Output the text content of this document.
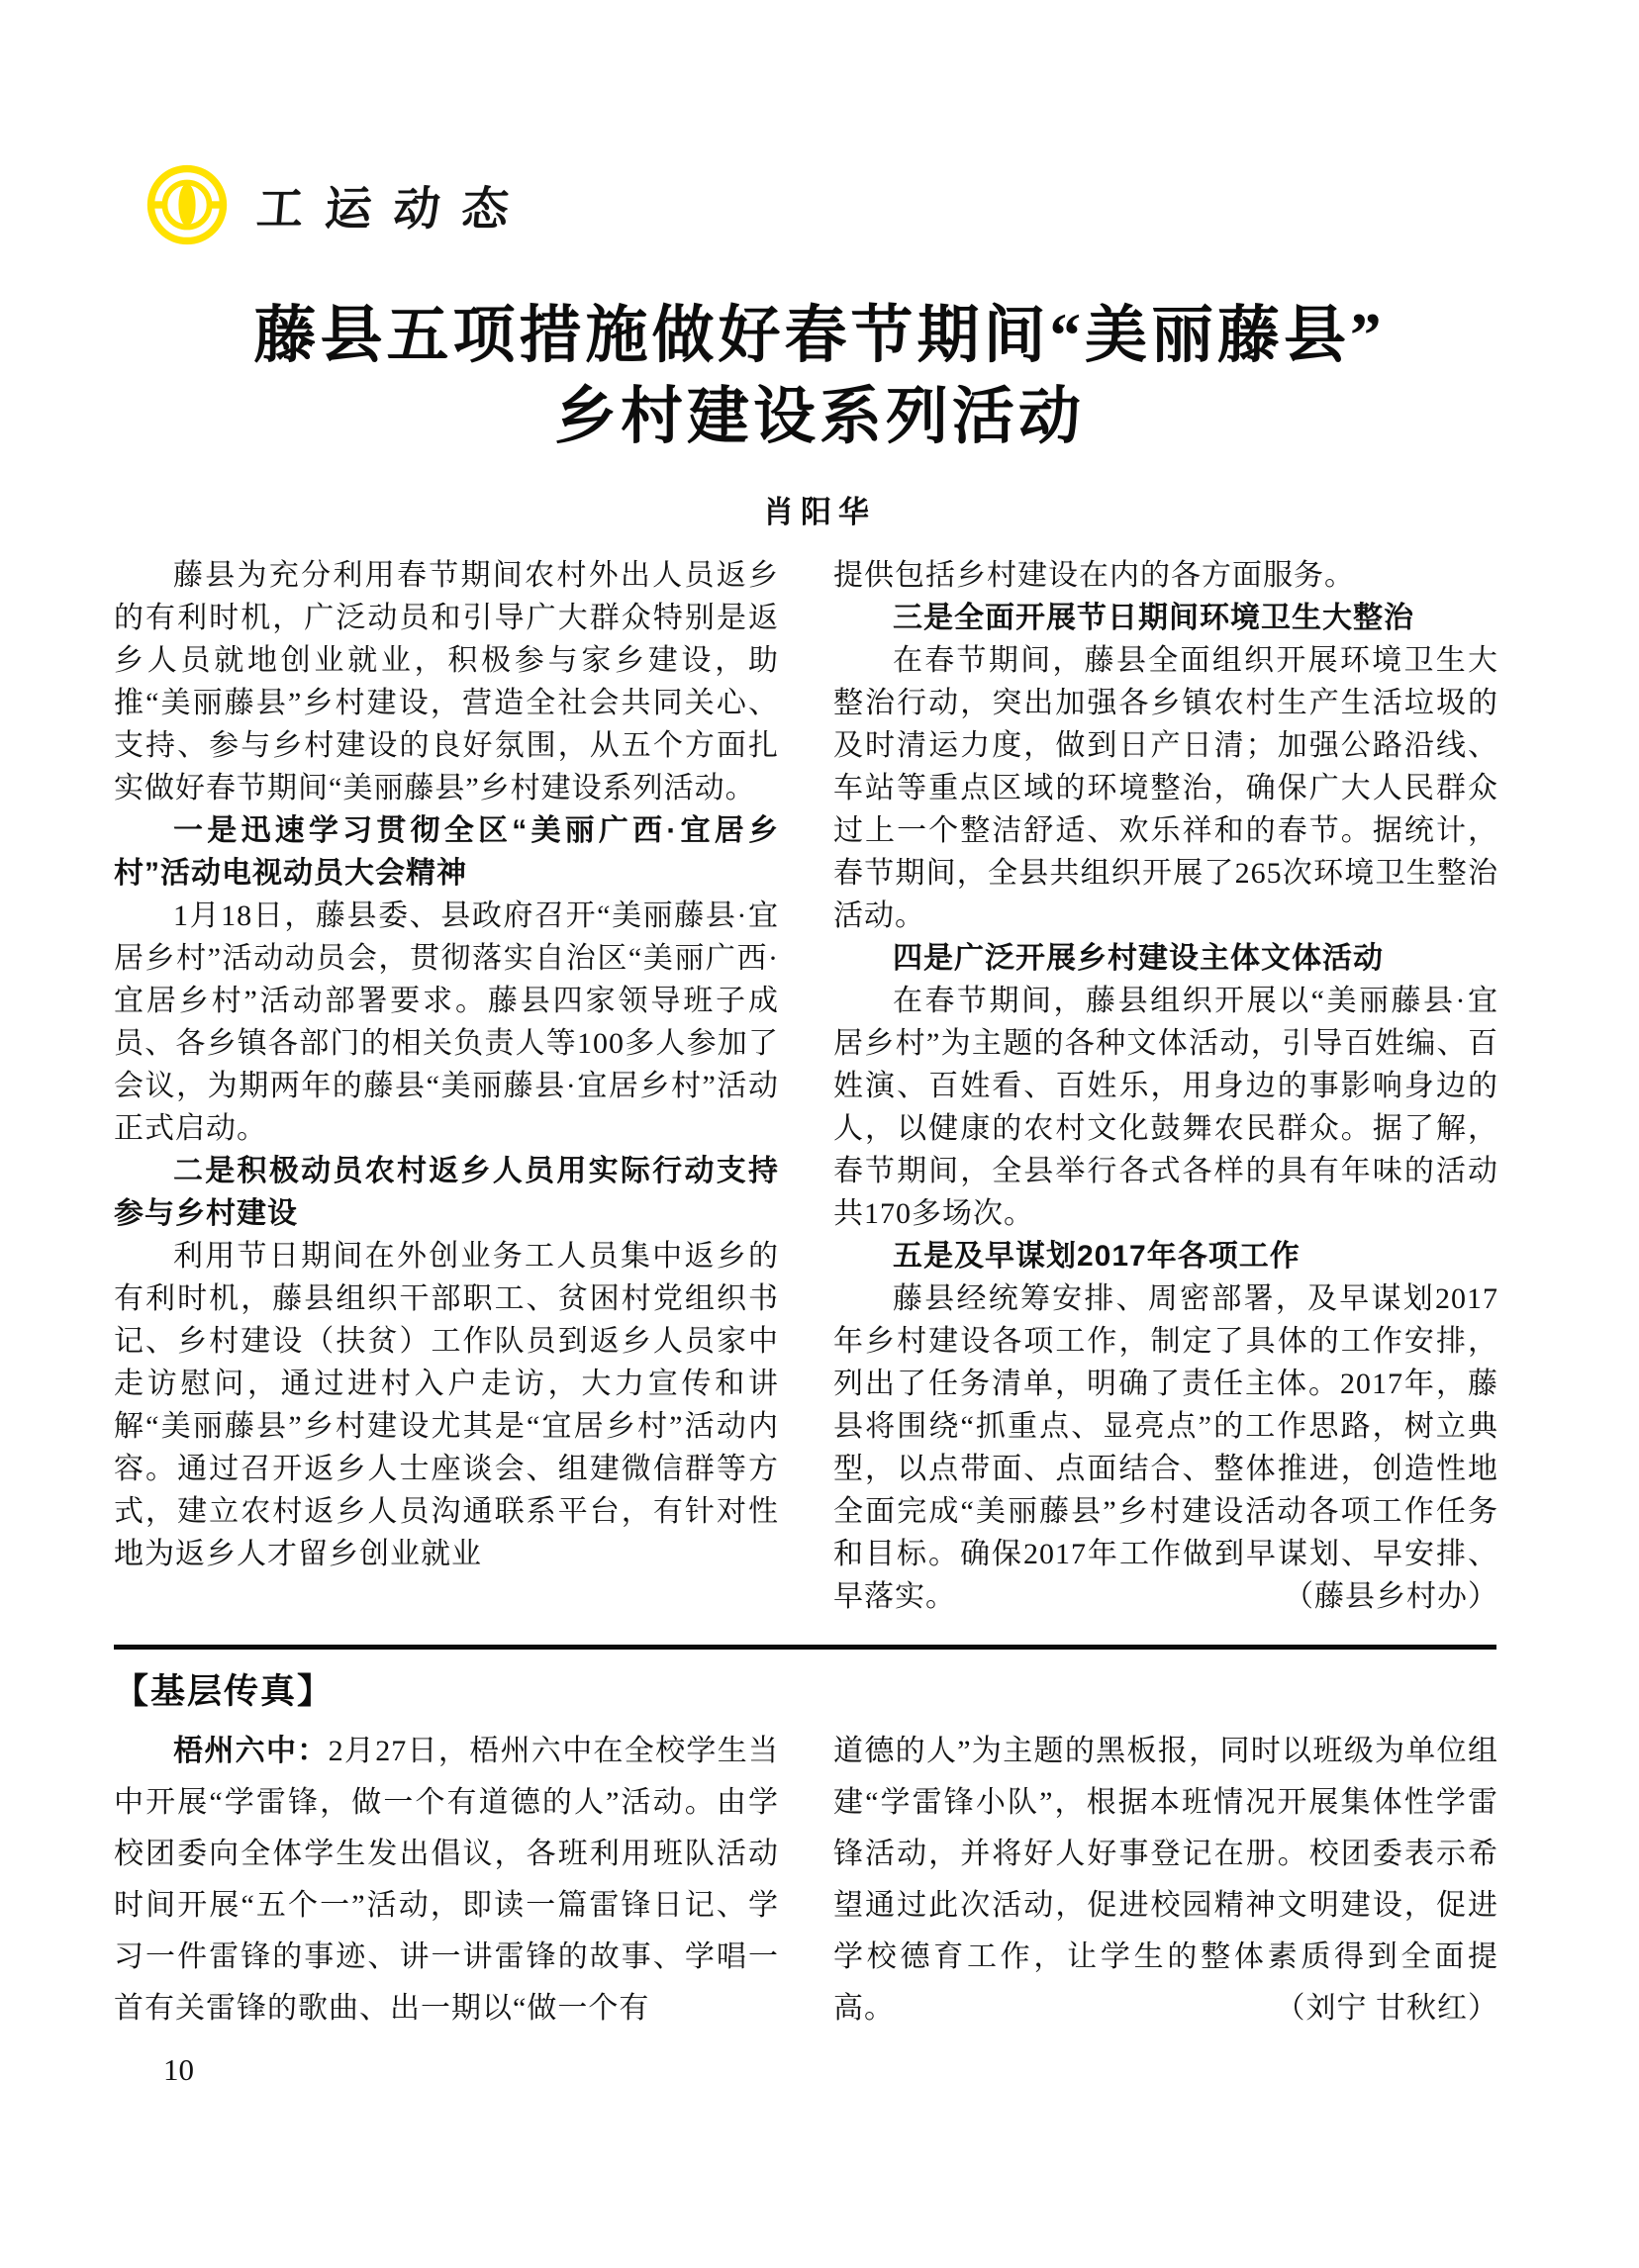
工运动态
藤县五项措施做好春节期间“美丽藤县”
乡村建设系列活动
肖阳华

藤县为充分利用春节期间农村外出人员返乡的有利时机，广泛动员和引导广大群众特别是返乡人员就地创业就业，积极参与家乡建设，助推“美丽藤县”乡村建设，营造全社会共同关心、支持、参与乡村建设的良好氛围，从五个方面扎实做好春节期间“美丽藤县”乡村建设系列活动。

一是迅速学习贯彻全区“美丽广西·宜居乡村”活动电视动员大会精神

1月18日，藤县委、县政府召开“美丽藤县·宜居乡村”活动动员会，贯彻落实自治区“美丽广西·宜居乡村”活动部署要求。藤县四家领导班子成员、各乡镇各部门的相关负责人等100多人参加了会议，为期两年的藤县“美丽藤县·宜居乡村”活动正式启动。

二是积极动员农村返乡人员用实际行动支持参与乡村建设

利用节日期间在外创业务工人员集中返乡的有利时机，藤县组织干部职工、贫困村党组织书记、乡村建设（扶贫）工作队员到返乡人员家中走访慰问，通过进村入户走访，大力宣传和讲解“美丽藤县”乡村建设尤其是“宜居乡村”活动内容。通过召开返乡人士座谈会、组建微信群等方式，建立农村返乡人员沟通联系平台，有针对性地为返乡人才留乡创业就业

提供包括乡村建设在内的各方面服务。

三是全面开展节日期间环境卫生大整治

在春节期间，藤县全面组织开展环境卫生大整治行动，突出加强各乡镇农村生产生活垃圾的及时清运力度，做到日产日清；加强公路沿线、车站等重点区域的环境整治，确保广大人民群众过上一个整洁舒适、欢乐祥和的春节。据统计，春节期间，全县共组织开展了265次环境卫生整治活动。

四是广泛开展乡村建设主体文体活动

在春节期间，藤县组织开展以“美丽藤县·宜居乡村”为主题的各种文体活动，引导百姓编、百姓演、百姓看、百姓乐，用身边的事影响身边的人，以健康的农村文化鼓舞农民群众。据了解，春节期间，全县举行各式各样的具有年味的活动共170多场次。

五是及早谋划2017年各项工作

藤县经统筹安排、周密部署，及早谋划2017年乡村建设各项工作，制定了具体的工作安排，列出了任务清单，明确了责任主体。2017年，藤县将围绕“抓重点、显亮点”的工作思路，树立典型，以点带面、点面结合、整体推进，创造性地全面完成“美丽藤县”乡村建设活动各项工作任务和目标。确保2017年工作做到早谋划、早安排、早落实。	（藤县乡村办）

【基层传真】

梧州六中：2月27日，梧州六中在全校学生当中开展“学雷锋，做一个有道德的人”活动。由学校团委向全体学生发出倡议，各班利用班队活动时间开展“五个一”活动，即读一篇雷锋日记、学习一件雷锋的事迹、讲一讲雷锋的故事、学唱一首有关雷锋的歌曲、出一期以“做一个有

道德的人”为主题的黑板报，同时以班级为单位组建“学雷锋小队”，根据本班情况开展集体性学雷锋活动，并将好人好事登记在册。校团委表示希望通过此次活动，促进校园精神文明建设，促进学校德育工作，让学生的整体素质得到全面提高。	（刘宁 甘秋红）

10
